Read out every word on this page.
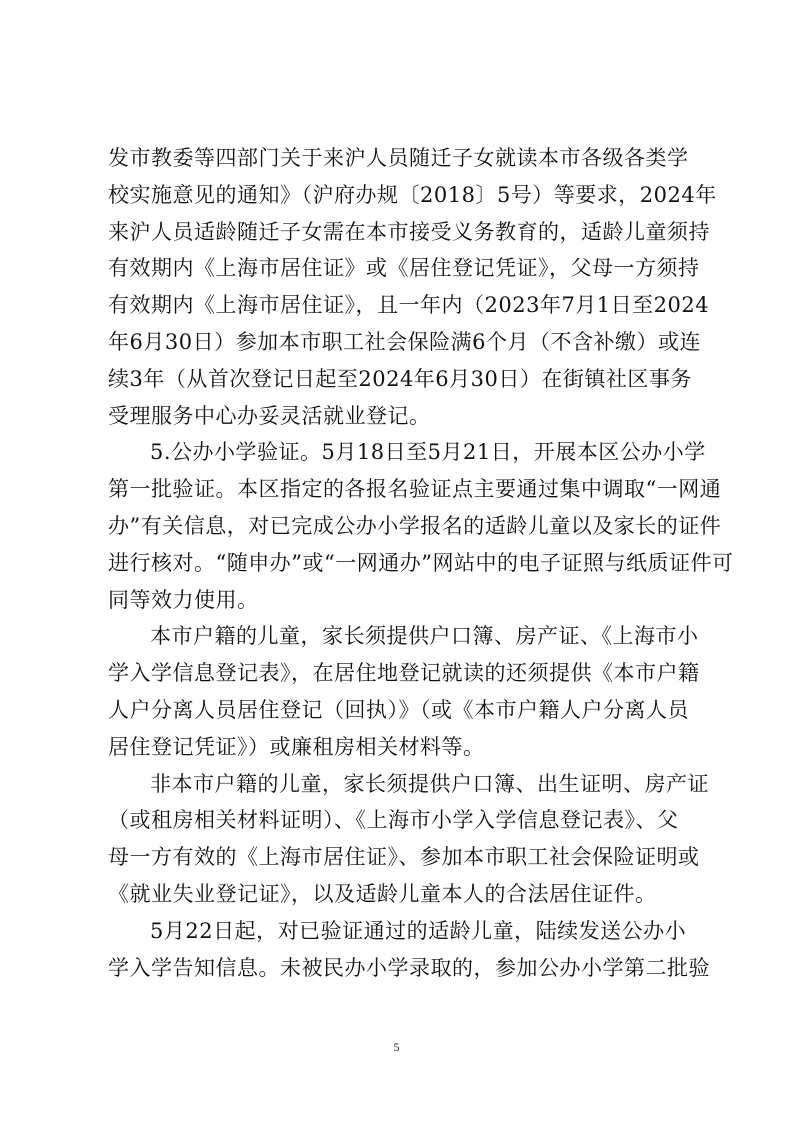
发市教委等四部门关于来沪人员随迁子女就读本市各级各类学
校实施意见的通知》（沪府办规〔2018〕5号）等要求，2024年
来沪人员适龄随迁子女需在本市接受义务教育的，适龄儿童须持
有效期内《上海市居住证》或《居住登记凭证》，父母一方须持
有效期内《上海市居住证》，且一年内（2023年7月1日至2024
年6月30日）参加本市职工社会保险满6个月（不含补缴）或连
续3年（从首次登记日起至2024年6月30日）在街镇社区事务
受理服务中心办妥灵活就业登记。
5.公办小学验证。5月18日至5月21日，开展本区公办小学
第一批验证。本区指定的各报名验证点主要通过集中调取“一网通
办”有关信息，对已完成公办小学报名的适龄儿童以及家长的证件
进行核对。“随申办”或“一网通办”网站中的电子证照与纸质证件可
同等效力使用。
本市户籍的儿童，家长须提供户口簿、房产证、《上海市小
学入学信息登记表》，在居住地登记就读的还须提供《本市户籍
人户分离人员居住登记（回执）》（或《本市户籍人户分离人员
居住登记凭证》）或廉租房相关材料等。
非本市户籍的儿童，家长须提供户口簿、出生证明、房产证
（或租房相关材料证明）、《上海市小学入学信息登记表》、父
母一方有效的《上海市居住证》、参加本市职工社会保险证明或
《就业失业登记证》，以及适龄儿童本人的合法居住证件。
5月22日起，对已验证通过的适龄儿童，陆续发送公办小
学入学告知信息。未被民办小学录取的，参加公办小学第二批验
5
